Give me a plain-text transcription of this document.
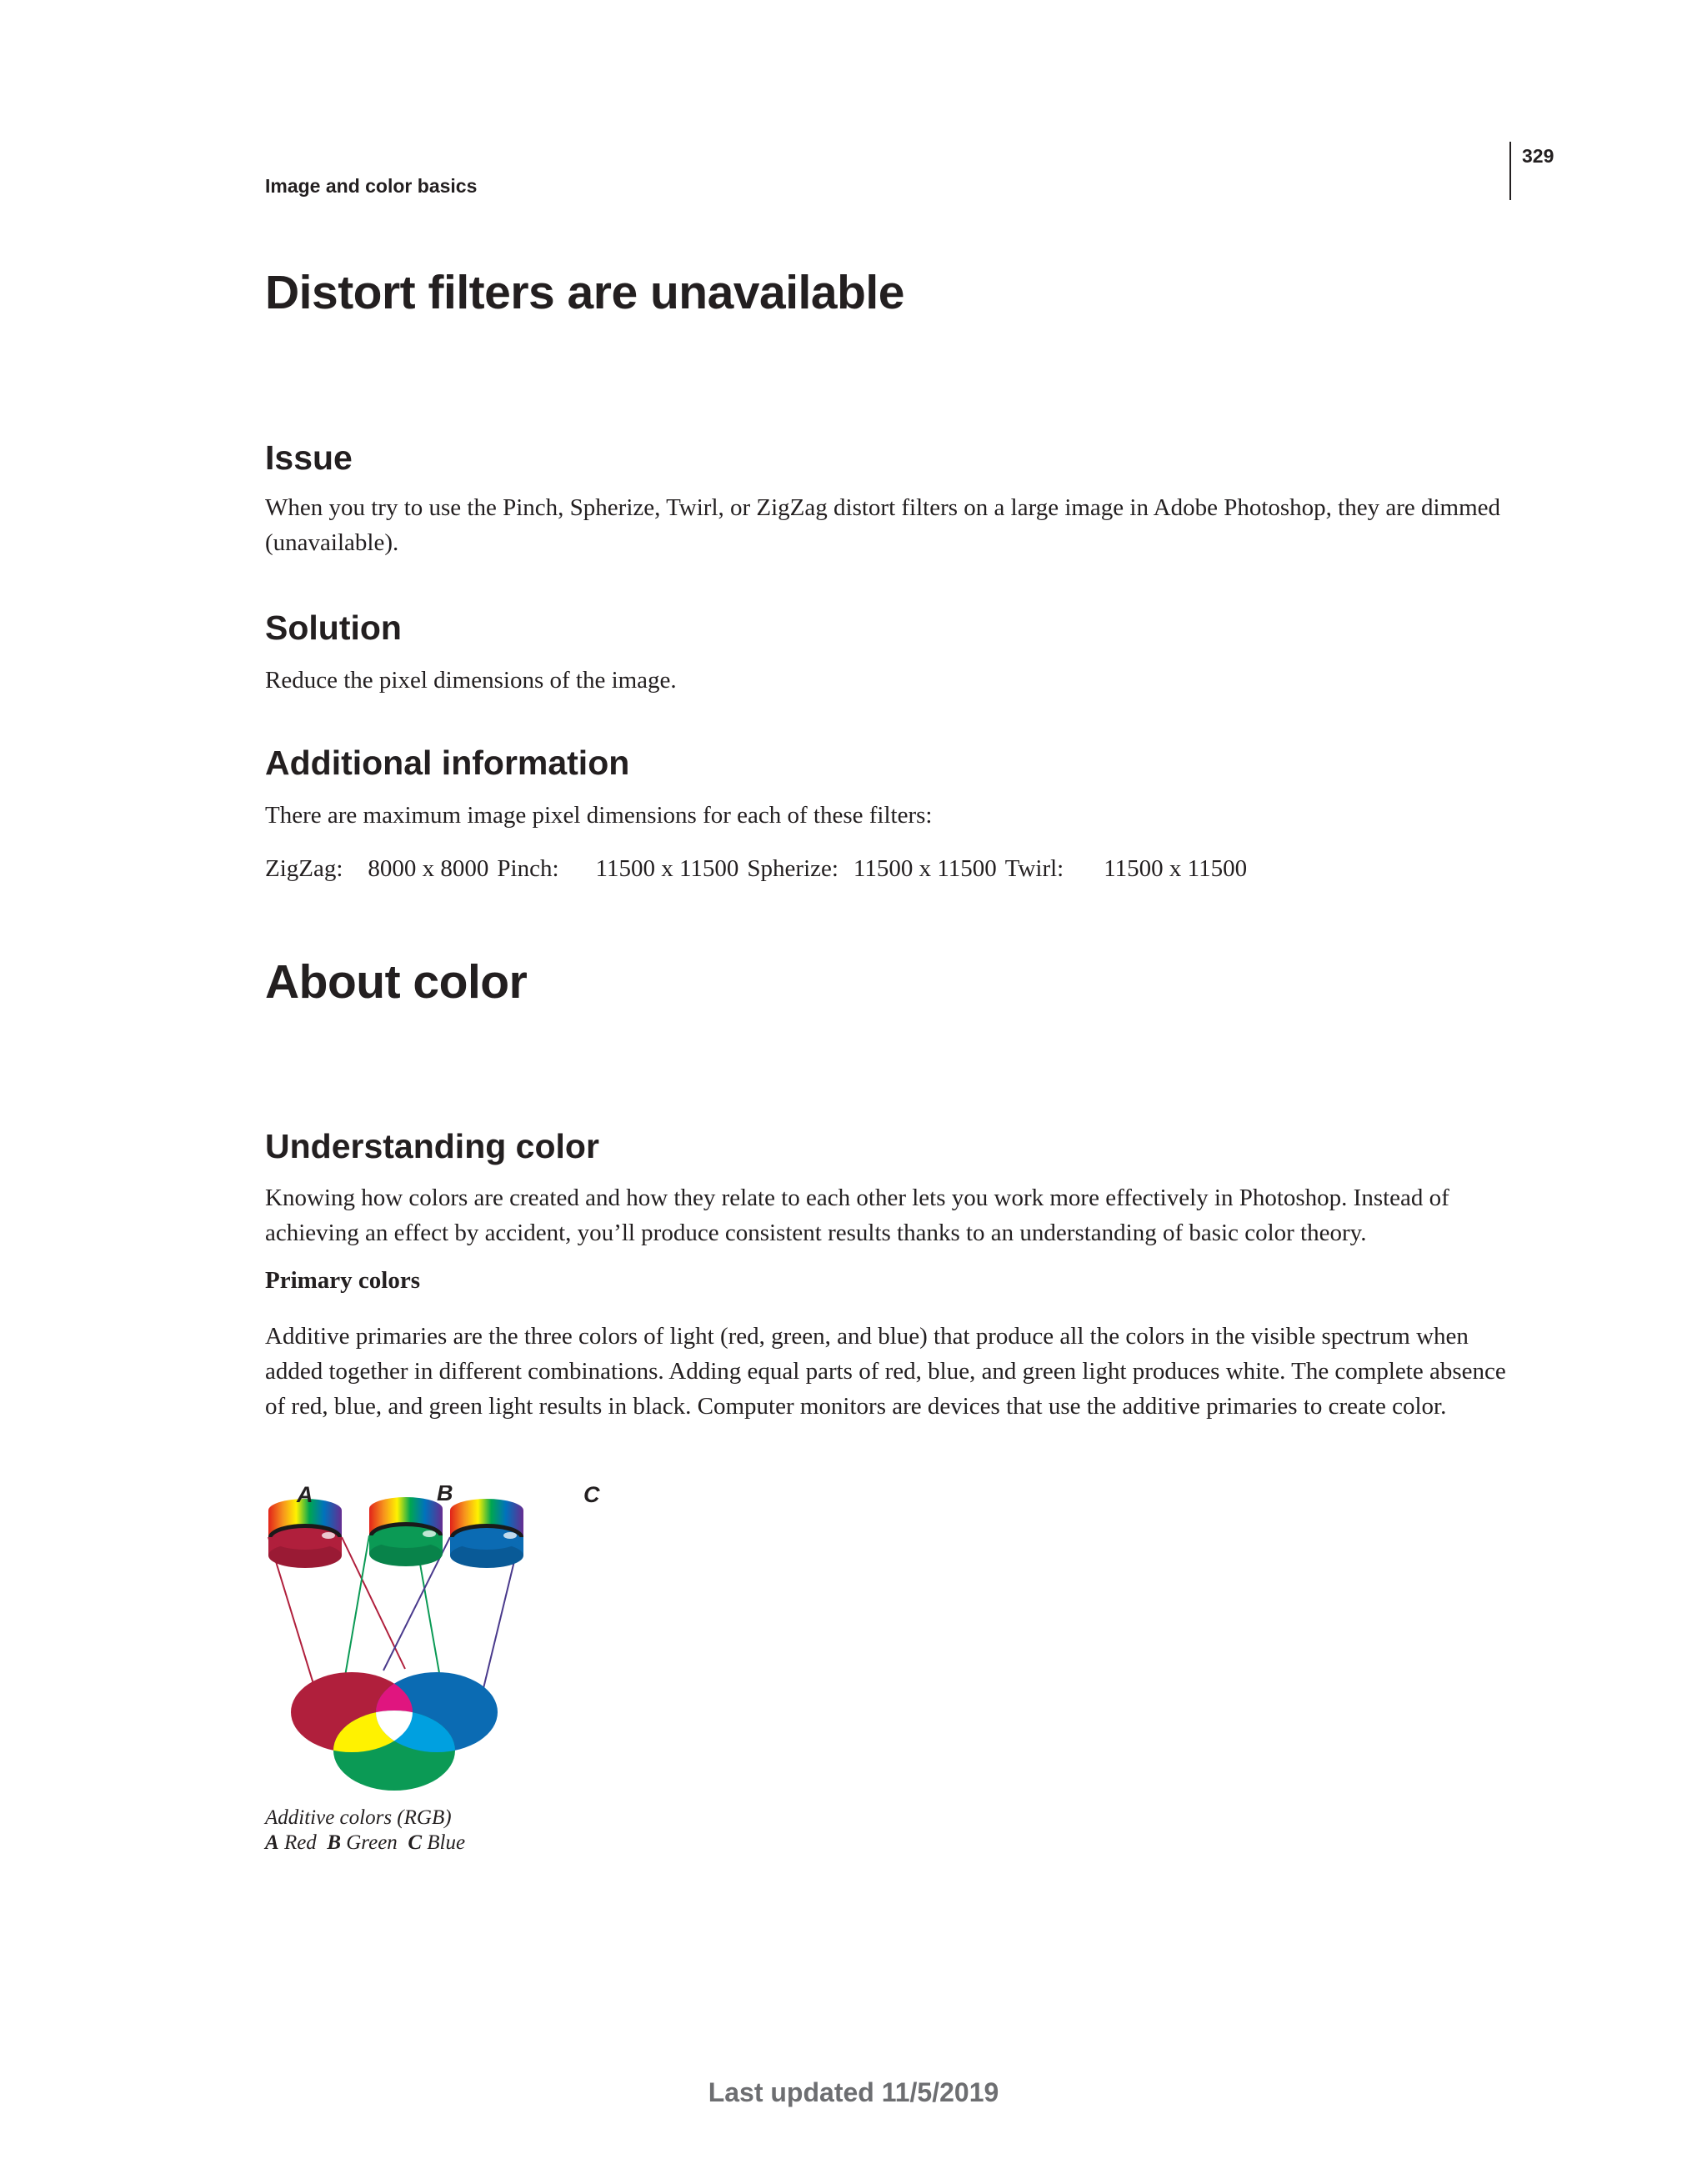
Image and color basics
329
Distort filters are unavailable
Issue

When you try to use the Pinch, Spherize, Twirl, or ZigZag distort filters on a large image in Adobe Photoshop, they are dimmed (unavailable).

Solution

Reduce the pixel dimensions of the image.

Additional information

There are maximum image pixel dimensions for each of these filters:

ZigZag: 8000 x 8000 Pinch: 11500 x 11500 Spherize: 11500 x 11500 Twirl: 11500 x 11500
About color
Understanding color

Knowing how colors are created and how they relate to each other lets you work more effectively in Photoshop. Instead of achieving an effect by accident, you’ll produce consistent results thanks to an understanding of basic color theory.

Primary colors

Additive primaries are the three colors of light (red, green, and blue) that produce all the colors in the visible spectrum when added together in different combinations. Adding equal parts of red, blue, and green light produces white. The complete absence of red, blue, and green light results in black. Computer monitors are devices that use the additive primaries to create color.

A	B	C
Additive colors (RGB)
A Red B Green C Blue
Last updated 11/5/2019
